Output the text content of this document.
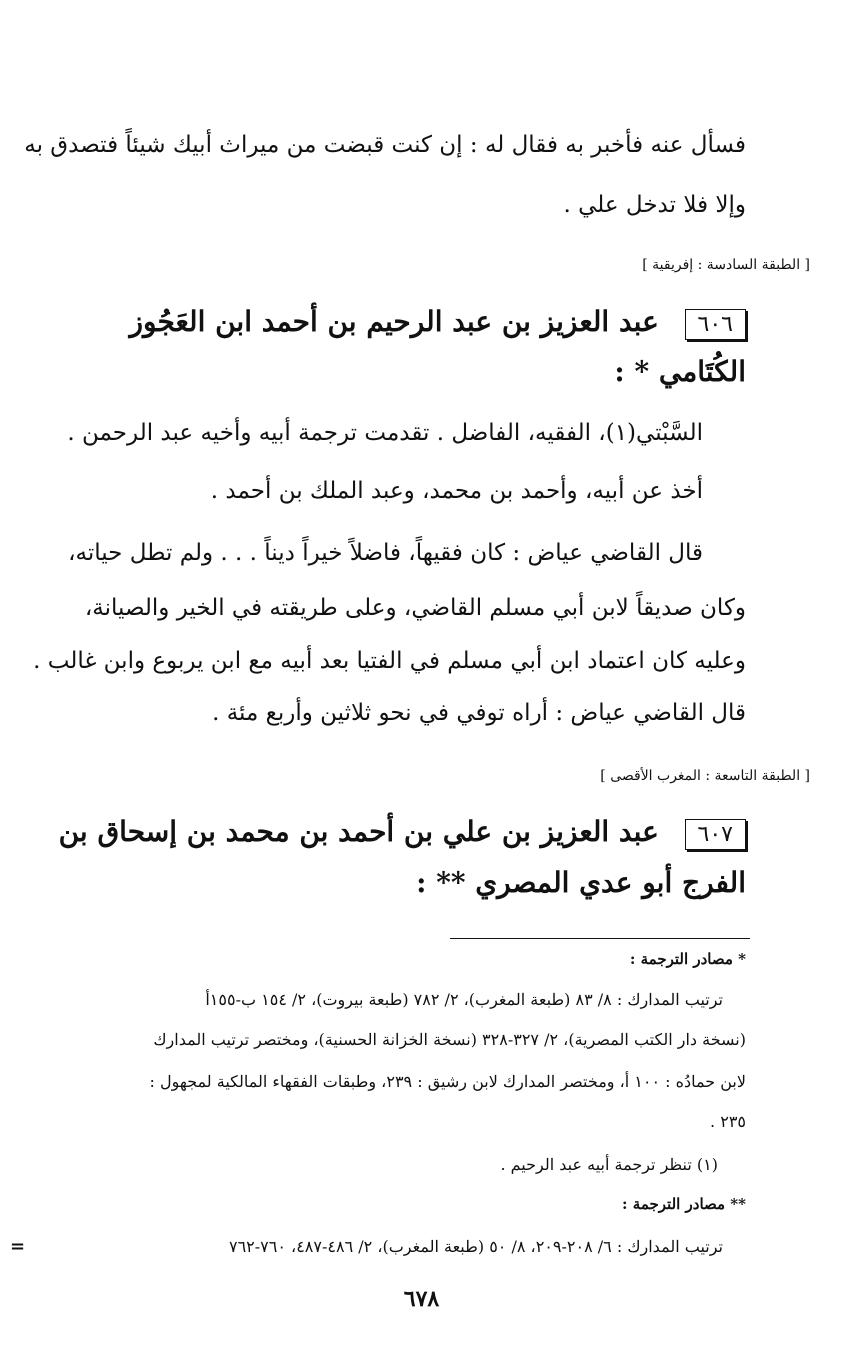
فسأل عنه فأخبر به فقال له : إن كنت قبضت من ميراث أبيك شيئاً فتصدق به
وإلا فلا تدخل علي .
[ الطبقة السادسة : إفريقية ]
٦٠٦ عبد العزيز بن عبد الرحيم بن أحمد ابن العَجُوز
الكُتَامي * :
السَّبْتي(١)، الفقيه، الفاضل . تقدمت ترجمة أبيه وأخيه عبد الرحمن .
أخذ عن أبيه، وأحمد بن محمد، وعبد الملك بن أحمد .
قال القاضي عياض : كان فقيهاً، فاضلاً خيراً ديناً . . . ولم تطل حياته،
وكان صديقاً لابن أبي مسلم القاضي، وعلى طريقته في الخير والصيانة،
وعليه كان اعتماد ابن أبي مسلم في الفتيا بعد أبيه مع ابن يربوع وابن غالب .
قال القاضي عياض : أراه توفي في نحو ثلاثين وأربع مئة .
[ الطبقة التاسعة : المغرب الأقصى ]
٦٠٧ عبد العزيز بن علي بن أحمد بن محمد بن إسحاق بن
الفرج أبو عدي المصري ** :
* مصادر الترجمة :
ترتيب المدارك : ٨/ ٨٣ (طبعة المغرب)، ٢/ ٧٨٢ (طبعة بيروت)، ٢/ ١٥٤ ب-١٥٥أ
(نسخة دار الكتب المصرية)، ٢/ ٣٢٧-٣٢٨ (نسخة الخزانة الحسنية)، ومختصر ترتيب المدارك
لابن حمادُه : ١٠٠ أ، ومختصر المدارك لابن رشيق : ٢٣٩، وطبقات الفقهاء المالكية لمجهول :
٢٣٥ .
(١) تنظر ترجمة أبيه عبد الرحيم .
** مصادر الترجمة :
ترتيب المدارك : ٦/ ٢٠٨-٢٠٩، ٨/ ٥٠ (طبعة المغرب)، ٢/ ٤٨٦-٤٨٧، ٧٦٠-٧٦٢
=
٦٧٨
